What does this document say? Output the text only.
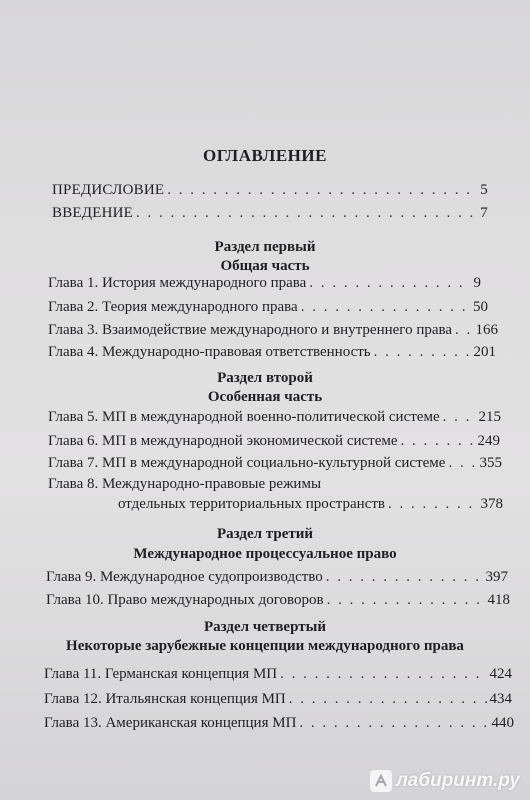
ОГЛАВЛЕНИЕ
ПРЕДИСЛОВИЕ . . .	5
ВВЕДЕНИЕ . . .	7
Раздел первый
Общая часть
Глава 1. История международного права . . .	9
Глава 2. Теория международного права . . .	50
Глава 3. Взаимодействие международного и внутреннего права . . . 166
Глава 4. Международно-правовая ответственность . . .	201
Раздел второй
Особенная часть
Глава 5. МП в международной военно-политической системе . . .	215
Глава 6. МП в международной экономической системе . . .	249
Глава 7. МП в международной социально-культурной системе . . . 355
Глава 8. Международно-правовые режимы
отдельных территориальных пространств . . .	378
Раздел третий
Международное процессуальное право
Глава 9. Международное судопроизводство . . .	397
Глава 10. Право международных договоров . . .	418
Раздел четвертый
Некоторые зарубежные концепции международного права
Глава 11. Германская концепция МП . . .	424
Глава 12. Итальянская концепция МП . . .	434
Глава 13. Американская концепция МП . . .	440
лабиринт.ру
